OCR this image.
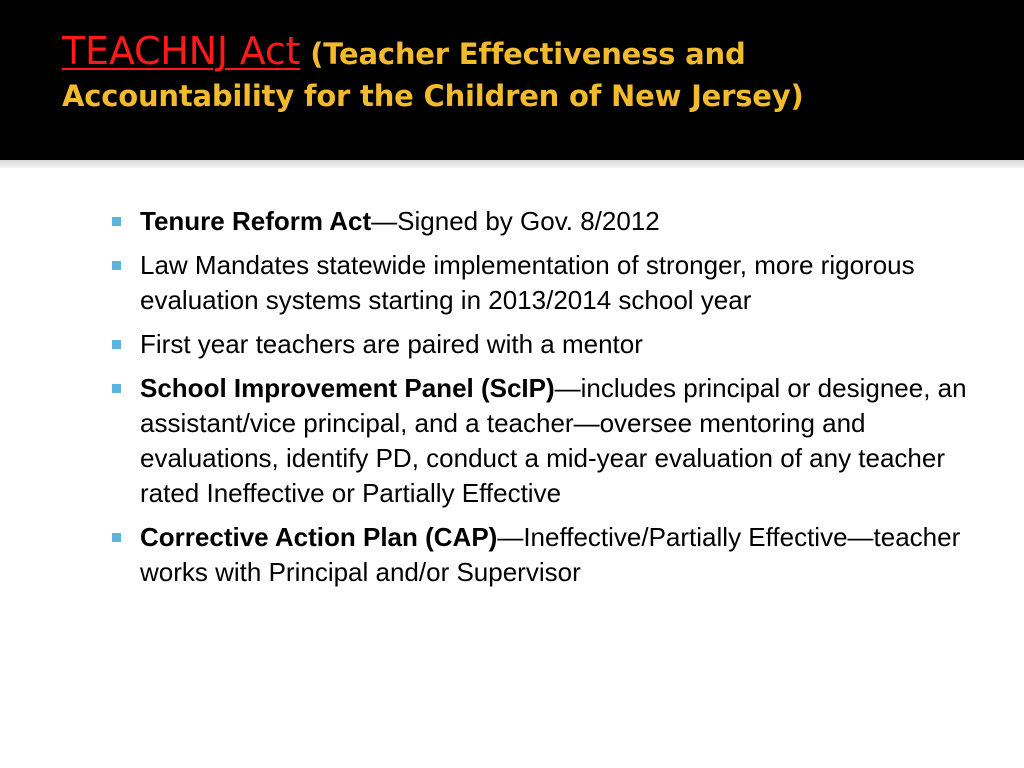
TEACHNJ Act (Teacher Effectiveness and Accountability for the Children of New Jersey)
Tenure Reform Act—Signed by Gov. 8/2012
Law Mandates statewide implementation of stronger, more rigorous evaluation systems starting in 2013/2014 school year
First year teachers are paired with a mentor
School Improvement Panel (ScIP)—includes principal or designee, an assistant/vice principal, and a teacher—oversee mentoring and evaluations, identify PD, conduct a mid-year evaluation of any teacher rated Ineffective or Partially Effective
Corrective Action Plan (CAP)—Ineffective/Partially Effective—teacher works with Principal and/or Supervisor
